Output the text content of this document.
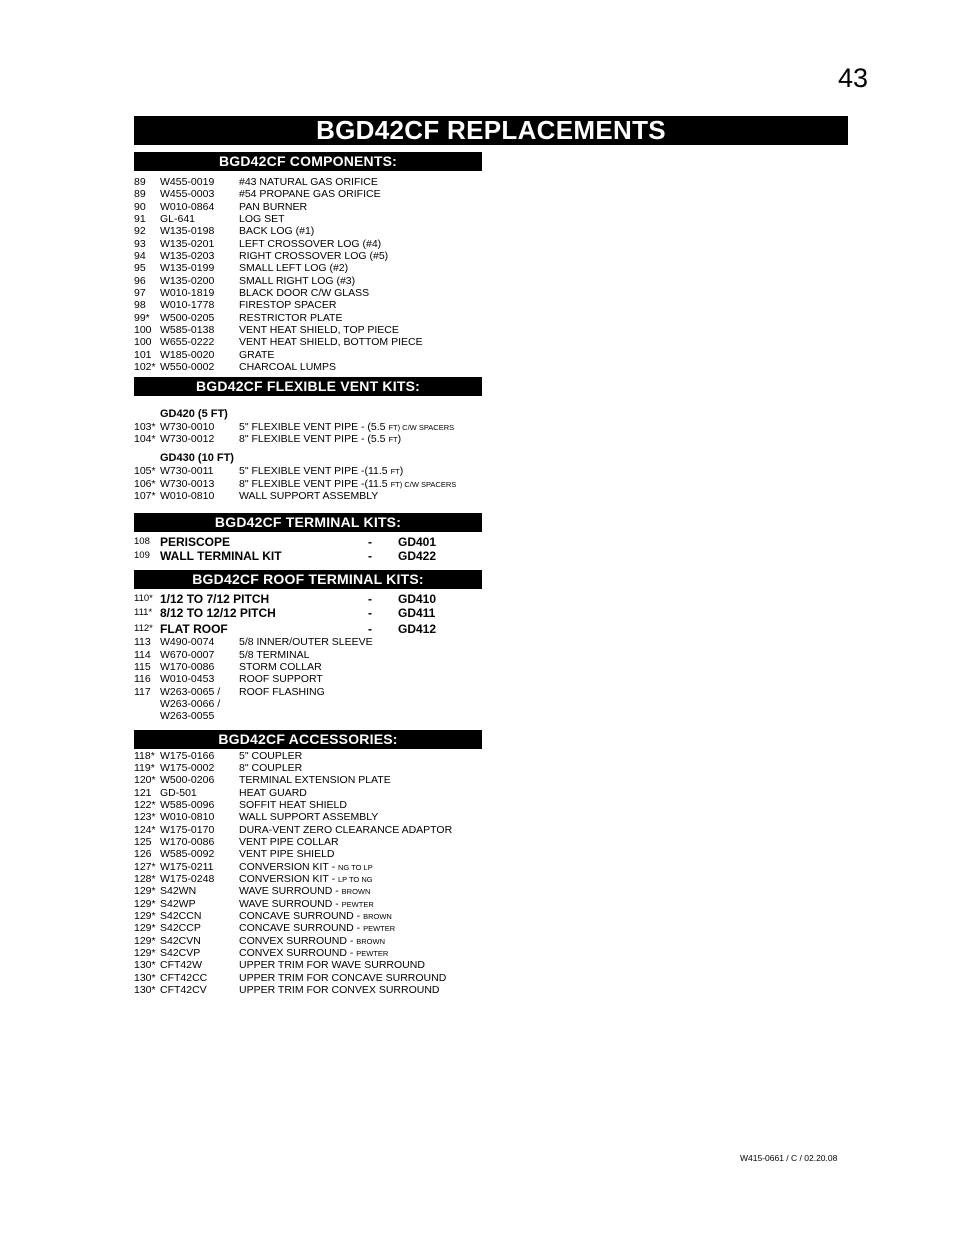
43
BGD42CF REPLACEMENTS
BGD42CF COMPONENTS:
89 W455-0019 #43 NATURAL GAS ORIFICE
89 W455-0003 #54 PROPANE GAS ORIFICE
90 W010-0864 PAN BURNER
91 GL-641	LOG SET
92 W135-0198 BACK LOG (#1)
93 W135-0201 LEFT CROSSOVER LOG (#4)
94 W135-0203 RIGHT CROSSOVER LOG (#5)
95 W135-0199 SMALL LEFT LOG (#2)
96 W135-0200 SMALL RIGHT LOG (#3)
97 W010-1819 BLACK DOOR C/W GLASS
98 W010-1778 FIRESTOP SPACER
99* W500-0205 RESTRICTOR PLATE
100 W585-0138 VENT HEAT SHIELD, TOP PIECE
100 W655-0222 VENT HEAT SHIELD, BOTTOM PIECE
101 W185-0020 GRATE
102* W550-0002 CHARCOAL LUMPS
BGD42CF FLEXIBLE VENT KITS:
GD420 (5 FT)
103* W730-0010 5" FLEXIBLE VENT PIPE - (5.5 FT) C/W SPACERS
104* W730-0012 8" FLEXIBLE VENT PIPE - (5.5 FT)
GD430 (10 FT)
105* W730-0011 5" FLEXIBLE VENT PIPE -(11.5 FT)
106* W730-0013 8" FLEXIBLE VENT PIPE -(11.5 FT) C/W SPACERS
107* W010-0810 WALL SUPPORT ASSEMBLY
BGD42CF TERMINAL KITS:
108 PERISCOPE	- GD401
109 WALL TERMINAL KIT	- GD422
BGD42CF ROOF TERMINAL KITS:
110* 1/12 TO 7/12 PITCH	- GD410
111* 8/12 TO 12/12 PITCH	- GD411
112* FLAT ROOF	- GD412
113 W490-0074 5/8 INNER/OUTER SLEEVE
114 W670-0007 5/8 TERMINAL
115 W170-0086 STORM COLLAR
116 W010-0453 ROOF SUPPORT
117 W263-0065 / ROOF FLASHING
W263-0066 /
W263-0055
BGD42CF ACCESSORIES:
118* W175-0166 5" COUPLER
119* W175-0002 8" COUPLER
120* W500-0206 TERMINAL EXTENSION PLATE
121 GD-501	HEAT GUARD
122* W585-0096 SOFFIT HEAT SHIELD
123* W010-0810 WALL SUPPORT ASSEMBLY
124* W175-0170 DURA-VENT ZERO CLEARANCE ADAPTOR
125 W170-0086 VENT PIPE COLLAR
126 W585-0092 VENT PIPE SHIELD
127* W175-0211 CONVERSION KIT - NG TO LP
128* W175-0248 CONVERSION KIT - LP TO NG
129* S42WN	WAVE SURROUND - BROWN
129* S42WP	WAVE SURROUND - PEWTER
129* S42CCN	CONCAVE SURROUND - BROWN
129* S42CCP	CONCAVE SURROUND - PEWTER
129* S42CVN	CONVEX SURROUND - BROWN
129* S42CVP	CONVEX SURROUND - PEWTER
130* CFT42W	UPPER TRIM FOR WAVE SURROUND
130* CFT42CC	UPPER TRIM FOR CONCAVE SURROUND
130* CFT42CV	UPPER TRIM FOR CONVEX SURROUND
W415-0661 / C / 02.20.08
